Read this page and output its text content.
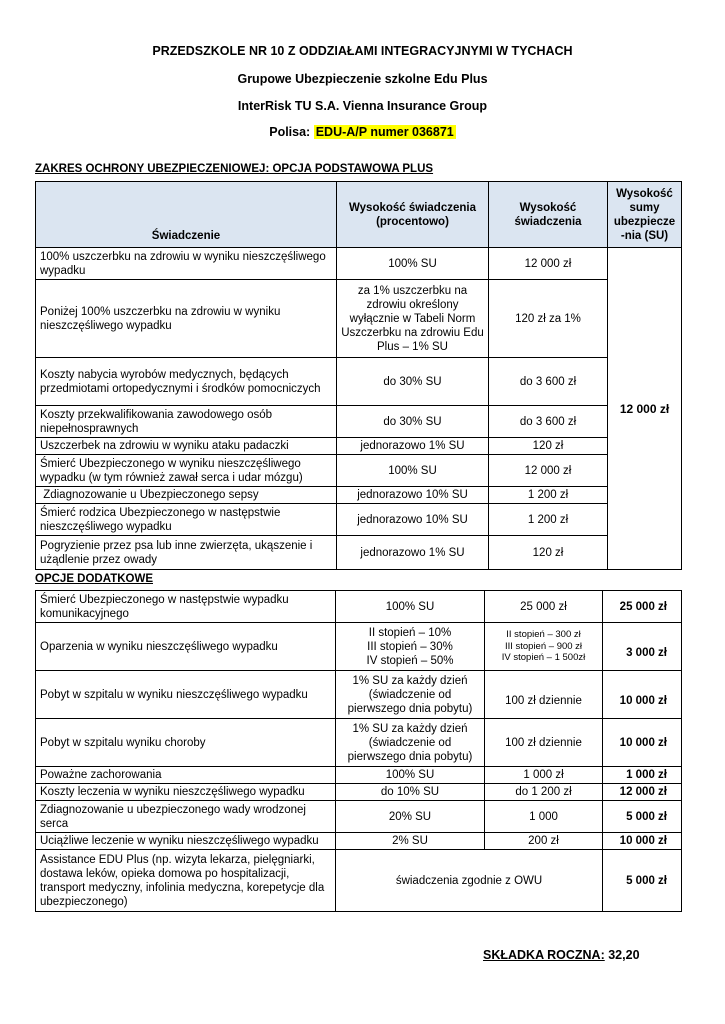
PRZEDSZKOLE NR 10 Z ODDZIAŁAMI INTEGRACYJNYMI W TYCHACH
Grupowe Ubezpieczenie szkolne Edu Plus
InterRisk TU S.A. Vienna Insurance Group
Polisa: EDU-A/P numer 036871
ZAKRES OCHRONY UBEZPIECZENIOWEJ: OPCJA PODSTAWOWA PLUS
Świadczenie	Wysokość świadczenia (procentowo)	Wysokość świadczenia	Wysokość sumy ubezpiecze -nia (SU)
100% uszczerbku na zdrowiu w wyniku nieszczęśliwego wypadku	100% SU	12 000 zł	12 000 zł
Poniżej 100% uszczerbku na zdrowiu w wyniku nieszczęśliwego wypadku	za 1% uszczerbku na zdrowiu określony wyłącznie w Tabeli Norm Uszczerbku na zdrowiu Edu Plus – 1% SU	120 zł za 1%	
Koszty nabycia wyrobów medycznych, będących przedmiotami ortopedycznymi i środków pomocniczych	do 30% SU	do 3 600 zł	
Koszty przekwalifikowania zawodowego osób niepełnosprawnych	do 30% SU	do 3 600 zł	
Uszczerbek na zdrowiu w wyniku ataku padaczki	jednorazowo 1% SU	120 zł	
Śmierć Ubezpieczonego w wyniku nieszczęśliwego wypadku (w tym również zawał serca i udar mózgu)	100% SU	12 000 zł	
Zdiagnozowanie u Ubezpieczonego sepsy	jednorazowo 10% SU	1 200 zł	
Śmierć rodzica Ubezpieczonego w następstwie nieszczęśliwego wypadku	jednorazowo 10% SU	1 200 zł	
Pogryzienie przez psa lub inne zwierzęta, ukąszenie i użądlenie przez owady	jednorazowo 1% SU	120 zł	
OPCJE DODATKOWE
Śmierć Ubezpieczonego w następstwie wypadku komunikacyjnego	100% SU	25 000 zł	25 000 zł
Oparzenia w wyniku nieszczęśliwego wypadku	II stopień – 10%
III stopień – 30%
IV stopień – 50%	II stopień – 300 zł
III stopień – 900 zł
IV stopień – 1 500zł	3 000 zł
Pobyt w szpitalu w wyniku nieszczęśliwego wypadku	1% SU za każdy dzień (świadczenie od pierwszego dnia pobytu)	100 zł dziennie	10 000 zł
Pobyt w szpitalu wyniku choroby	1% SU za każdy dzień (świadczenie od pierwszego dnia pobytu)	100 zł dziennie	10 000 zł
Poważne zachorowania	100% SU	1 000 zł	1 000 zł
Koszty leczenia w wyniku nieszczęśliwego wypadku	do 10% SU	do 1 200 zł	12 000 zł
Zdiagnozowanie u ubezpieczonego wady wrodzonej serca	20% SU	1 000	5 000 zł
Uciążliwe leczenie w wyniku nieszczęśliwego wypadku	2% SU	200 zł	10 000 zł
Assistance EDU Plus (np. wizyta lekarza, pielęgniarki, dostawa leków, opieka domowa po hospitalizacji, transport medyczny, infolinia medyczna, korepetycje dla ubezpieczonego)	świadczenia zgodnie z OWU		5 000 zł
SKŁADKA ROCZNA: 32,20
